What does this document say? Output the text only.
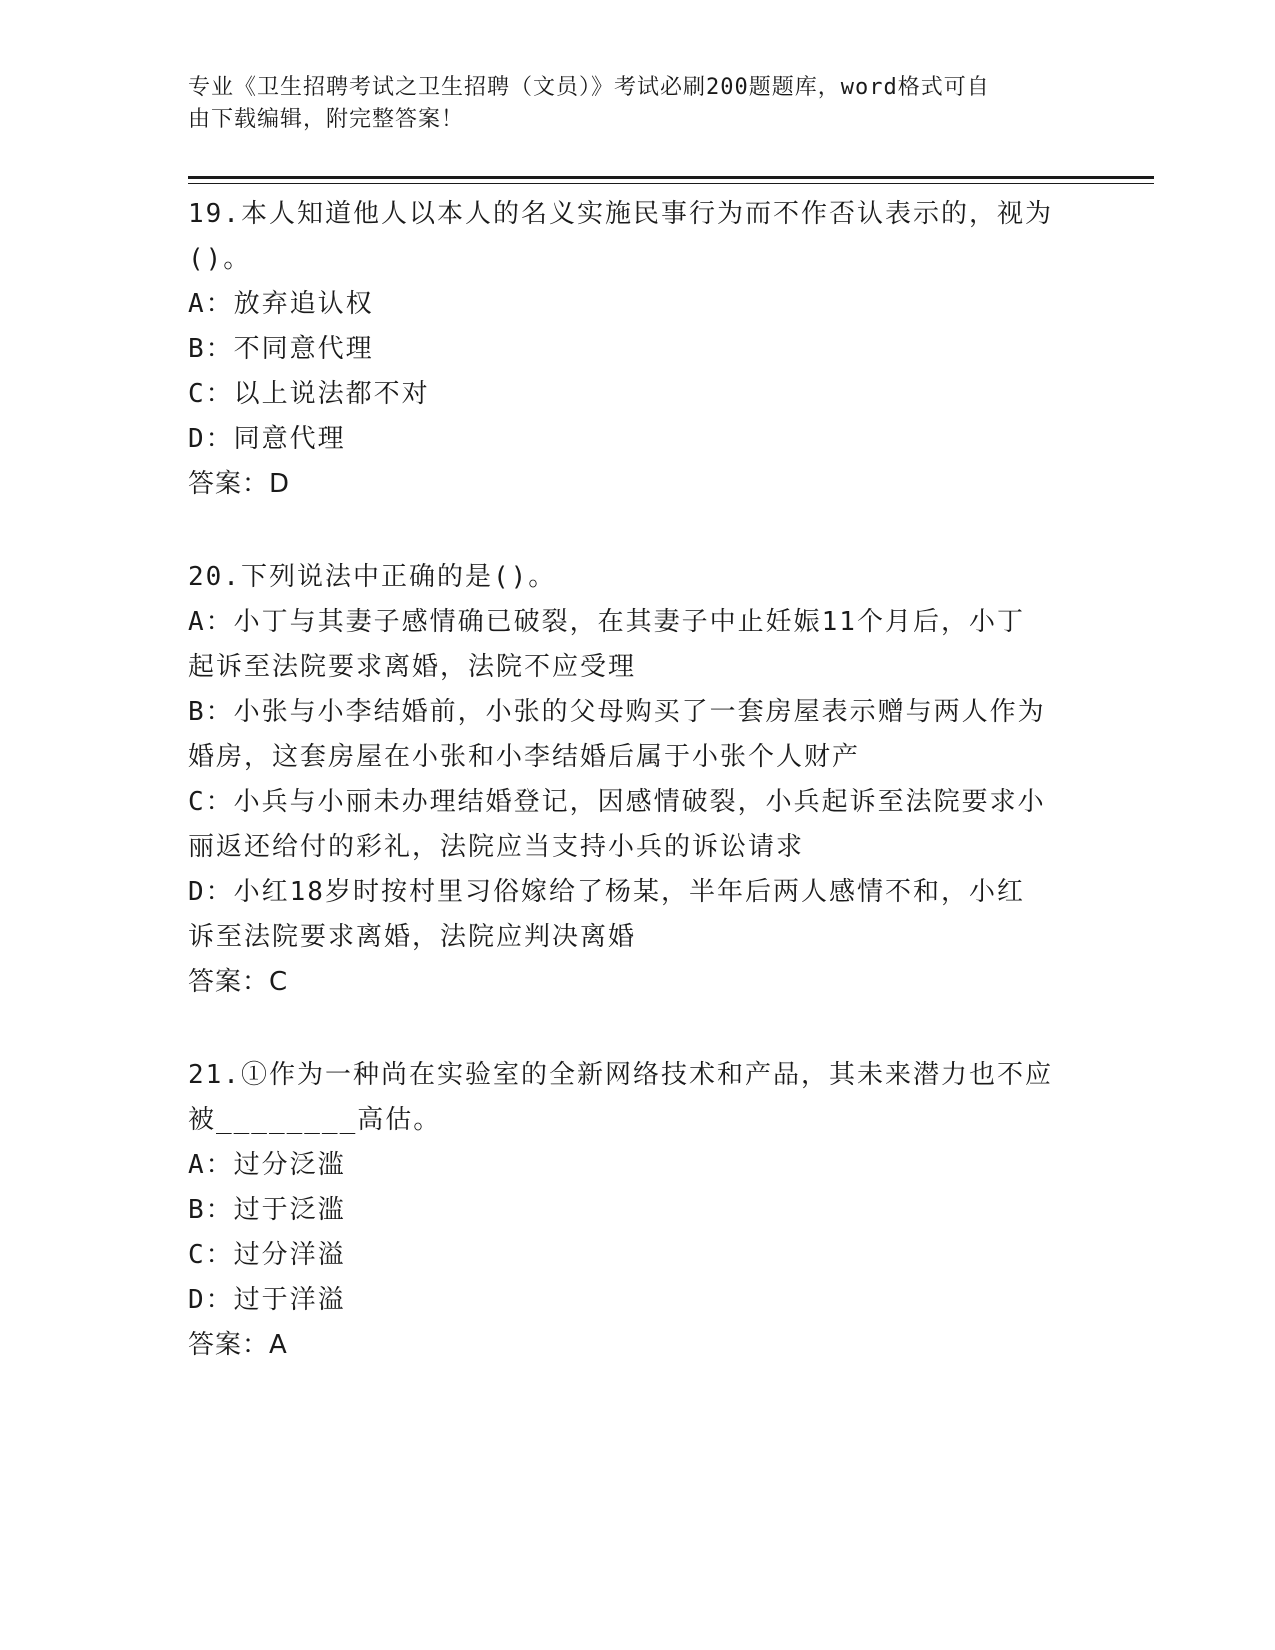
专业《卫生招聘考试之卫生招聘（文员）》考试必刷200题题库，word格式可自
由下载编辑，附完整答案！
19.本人知道他人以本人的名义实施民事行为而不作否认表示的，视为
()。
A：放弃追认权
B：不同意代理
C：以上说法都不对
D：同意代理
答案：D
20.下列说法中正确的是()。
A：小丁与其妻子感情确已破裂，在其妻子中止妊娠11个月后，小丁
起诉至法院要求离婚，法院不应受理
B：小张与小李结婚前，小张的父母购买了一套房屋表示赠与两人作为
婚房，这套房屋在小张和小李结婚后属于小张个人财产
C：小兵与小丽未办理结婚登记，因感情破裂，小兵起诉至法院要求小
丽返还给付的彩礼，法院应当支持小兵的诉讼请求
D：小红18岁时按村里习俗嫁给了杨某，半年后两人感情不和，小红
诉至法院要求离婚，法院应判决离婚
答案：C
21.①作为一种尚在实验室的全新网络技术和产品，其未来潜力也不应
被________高估。
A：过分泛滥
B：过于泛滥
C：过分洋溢
D：过于洋溢
答案：A
